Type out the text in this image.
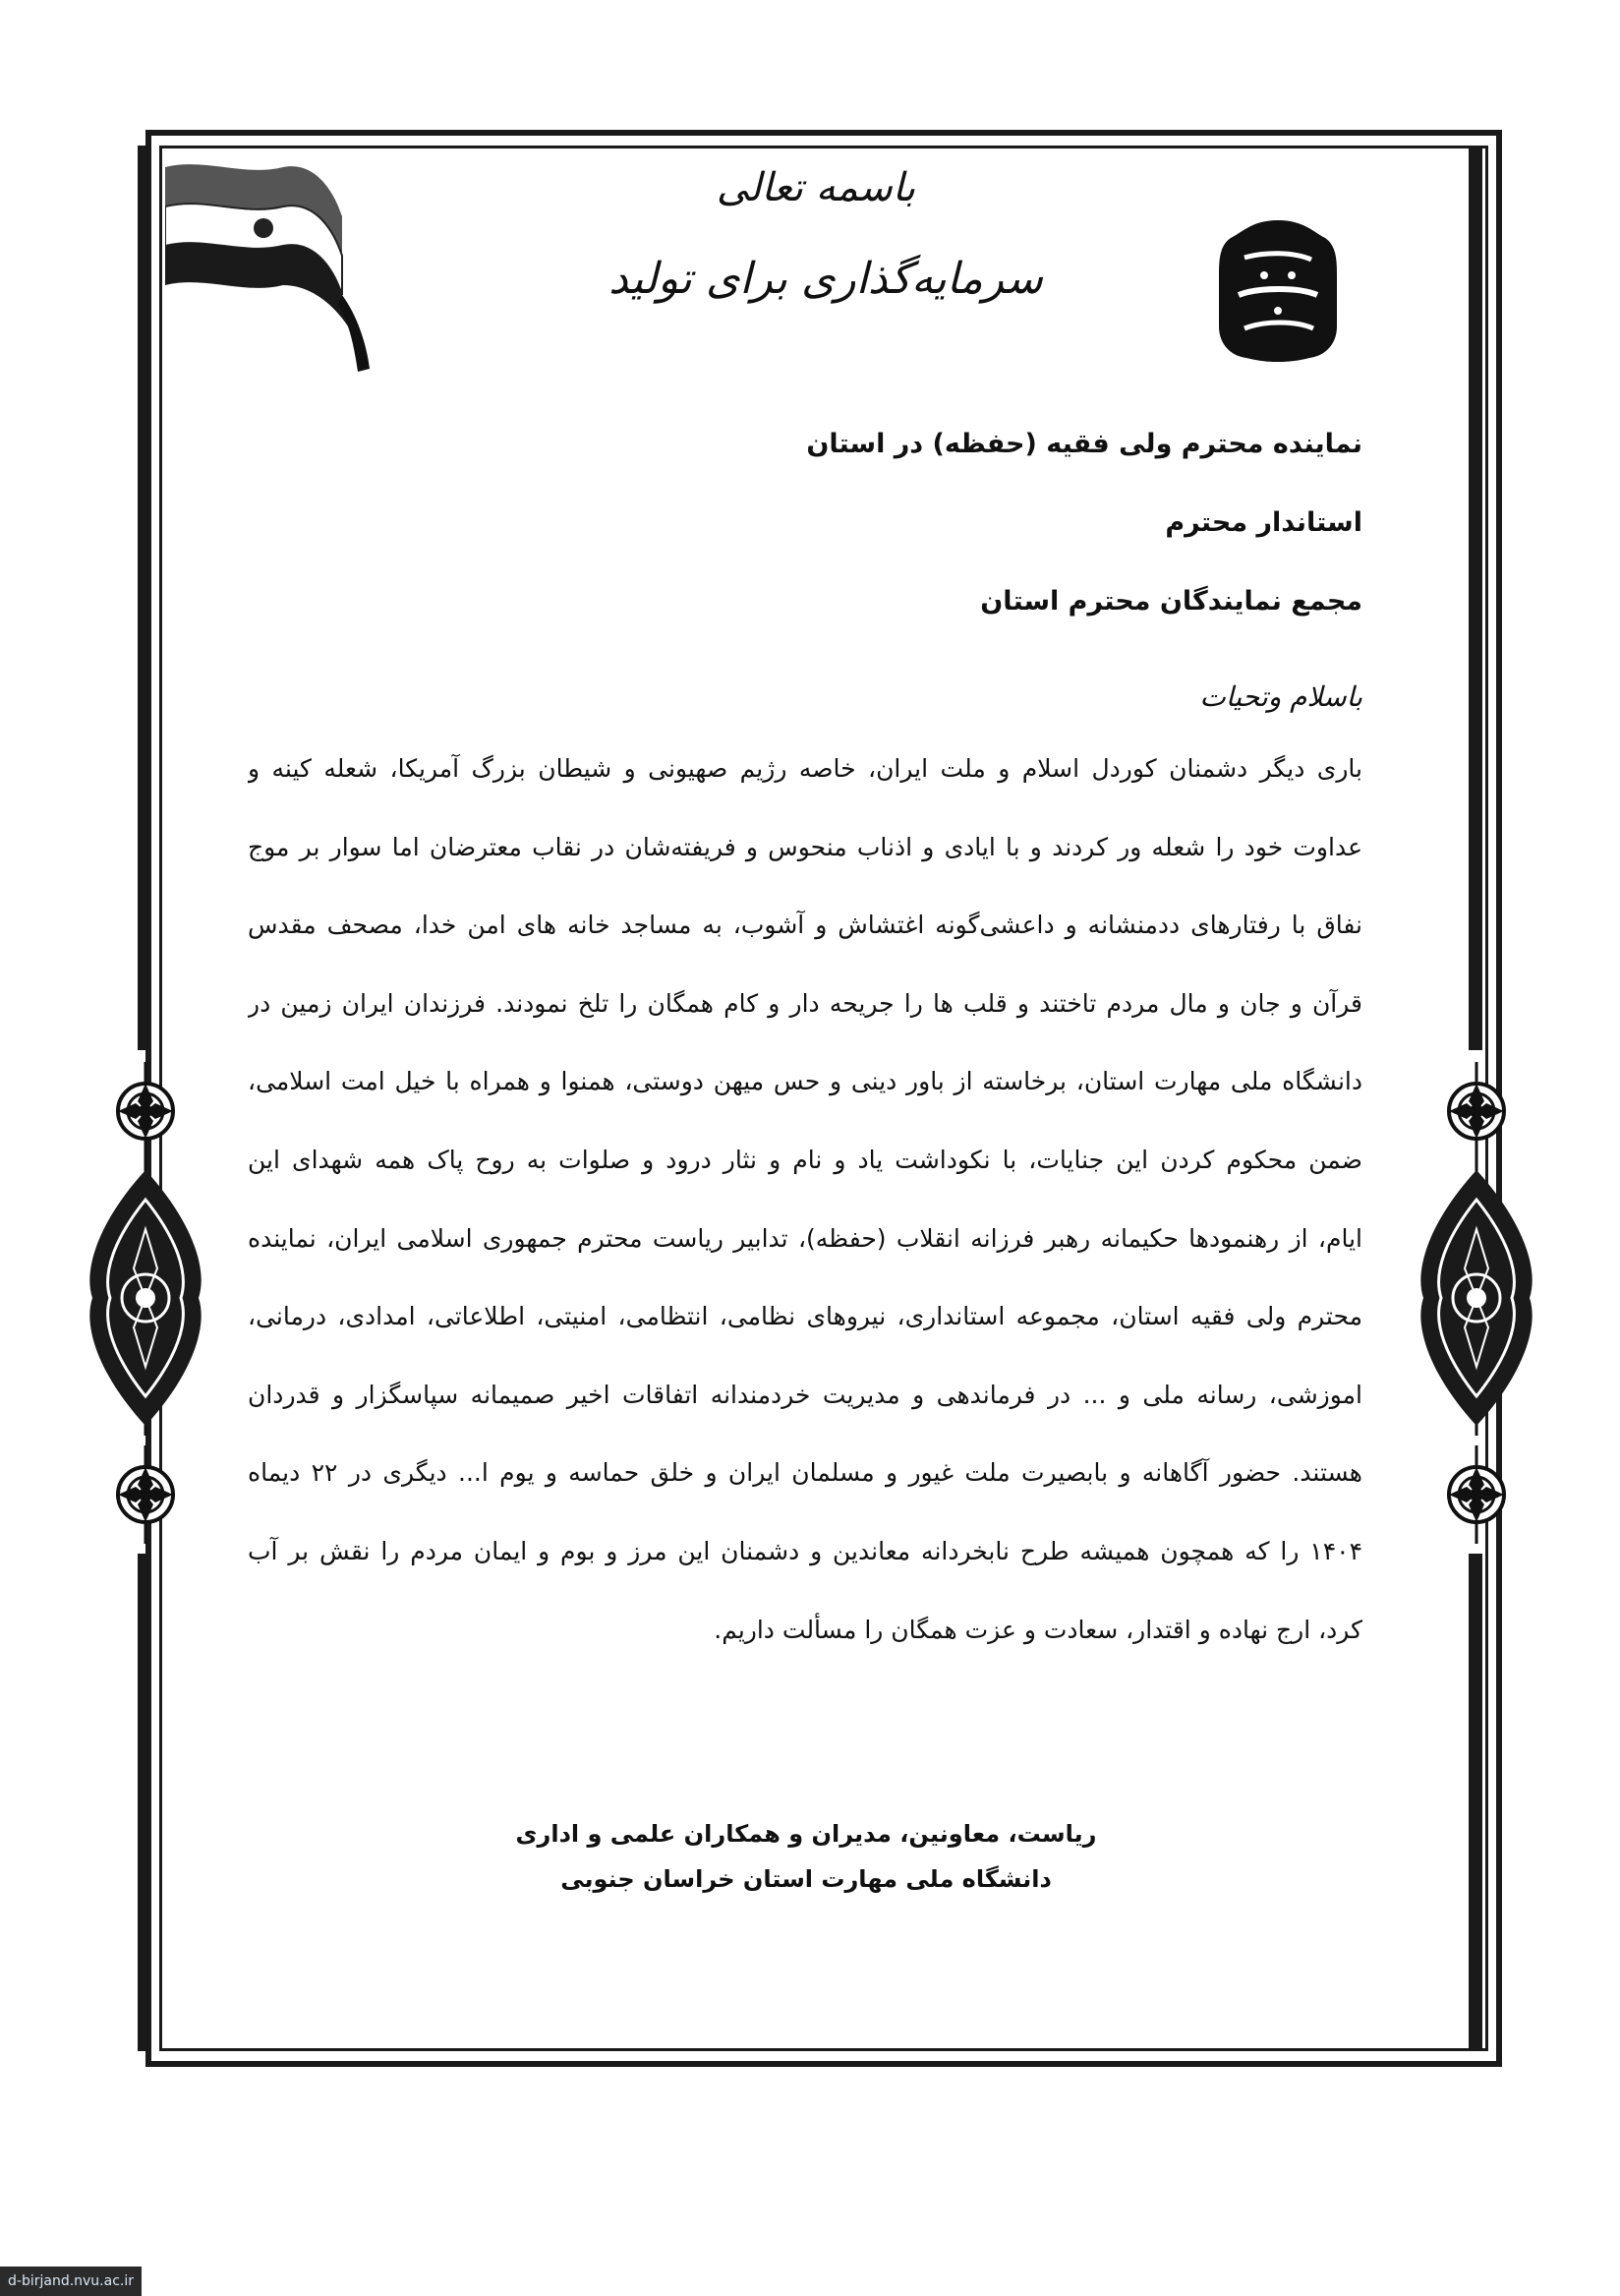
باسمه تعالی
سرمایه‌گذاری برای تولید
نماینده محترم ولی فقیه (حفظه) در استان
استاندار محترم
مجمع نمایندگان محترم استان
باسلام وتحیات
باری دیگر دشمنان کوردل اسلام و ملت ایران، خاصه رژیم صهیونی و شیطان بزرگ آمریکا، شعله کینه و
عداوت خود را شعله ور کردند و با ایادی و اذناب منحوس و فریفته‌شان در نقاب معترضان اما سوار بر موج
نفاق با رفتارهای ددمنشانه و داعشی‌گونه اغتشاش و آشوب، به مساجد خانه های امن خدا، مصحف مقدس
قرآن و جان و مال مردم تاختند و قلب ها را جریحه دار و کام همگان را تلخ نمودند. فرزندان ایران زمین در
دانشگاه ملی مهارت استان، برخاسته از باور دینی و حس میهن دوستی، همنوا و همراه با خیل امت اسلامی،
ضمن محکوم کردن این جنایات، با نکوداشت یاد و نام و نثار درود و صلوات به روح پاک همه شهدای این
ایام، از رهنمودها حکیمانه رهبر فرزانه انقلاب (حفظه)، تدابیر ریاست محترم جمهوری اسلامی ایران، نماینده
محترم ولی فقیه استان، مجموعه استانداری، نیروهای نظامی، انتظامی، امنیتی، اطلاعاتی، امدادی، درمانی،
اموزشی، رسانه ملی و ... در فرماندهی و مدیریت خردمندانه اتفاقات اخیر صمیمانه سپاسگزار و قدردان
هستند. حضور آگاهانه و بابصیرت ملت غیور و مسلمان ایران و خلق حماسه و یوم ا... دیگری در ۲۲ دیماه
۱۴۰۴ را که همچون همیشه طرح نابخردانه معاندین و دشمنان این مرز و بوم و ایمان مردم را نقش بر آب
کرد، ارج نهاده و اقتدار، سعادت و عزت همگان را مسألت داریم.
ریاست، معاونین، مدیران و همکاران علمی و اداری
دانشگاه ملی مهارت استان خراسان جنوبی
d-birjand.nvu.ac.ir
